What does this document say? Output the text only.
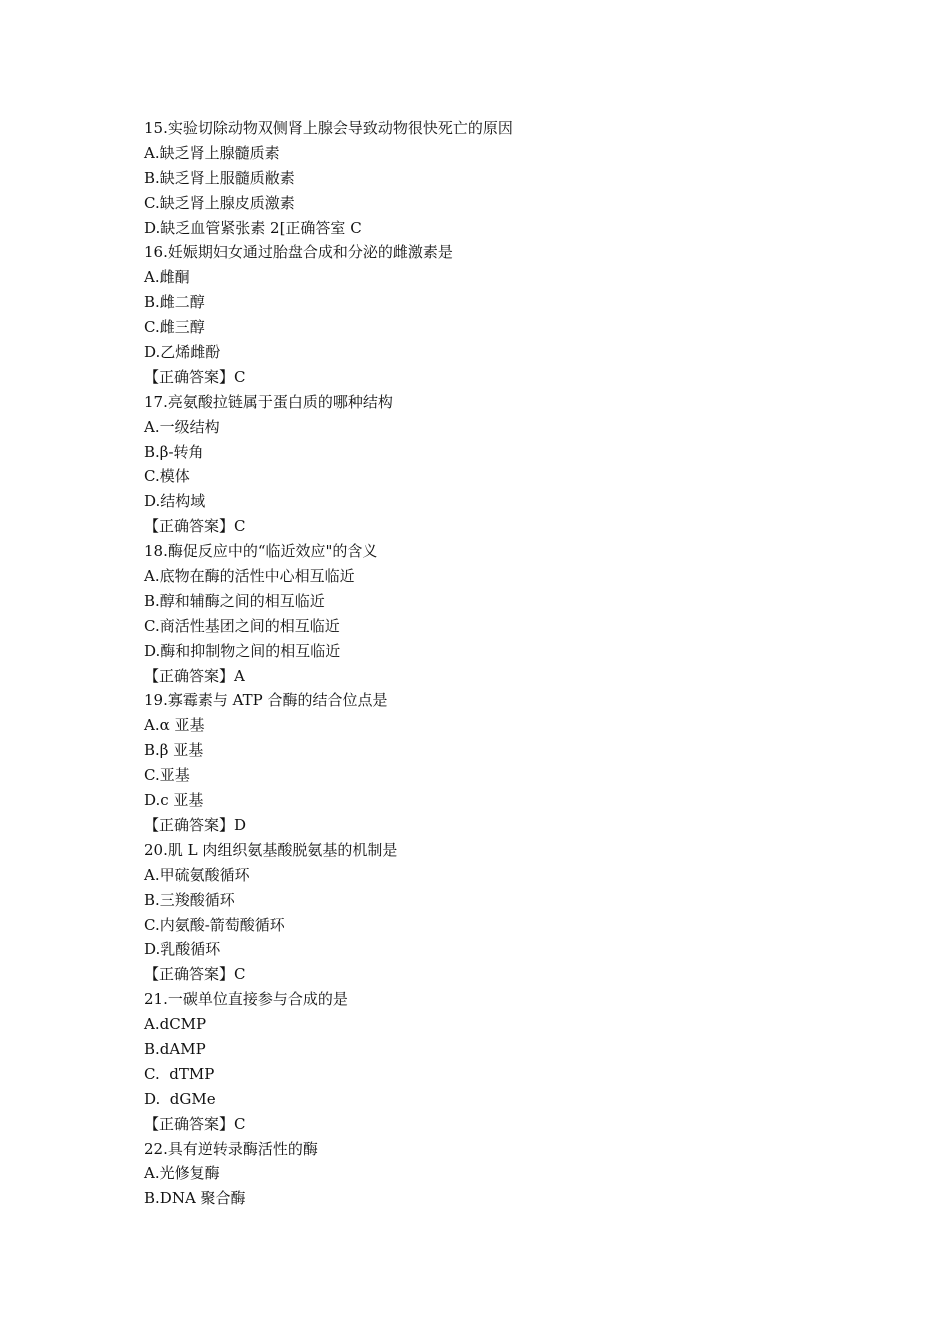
15.实验切除动物双侧肾上腺会导致动物很快死亡的原因
A.缺乏肾上腺髓质素
B.缺乏肾上服髓质敝素
C.缺乏肾上腺皮质激素
D.缺乏血管紧张素 2[正确答室 C
16.妊娠期妇女通过胎盘合成和分泌的雌激素是
A.雌酮
B.雌二醇
C.雌三醇
D.乙烯雌酚
【正确答案】C
17.亮氨酸拉链属于蛋白质的哪种结构
A.一级结构
B.β-转角
C.模体
D.结构域
【正确答案】C
18.酶促反应中的“临近效应"的含义
A.底物在酶的活性中心相互临近
B.醇和辅酶之间的相互临近
C.商活性基团之间的相互临近
D.酶和抑制物之间的相互临近
【正确答案】A
19.寡霉素与 ATP 合酶的结合位点是
A.α 亚基
B.β 亚基
C.亚基
D.c 亚基
【正确答案】D
20.肌 L 肉组织氨基酸脱氨基的机制是
A.甲硫氨酸循环
B.三羧酸循环
C.内氨酸-箭萄酸循环
D.乳酸循环
【正确答案】C
21.一碳单位直接参与合成的是
A.dCMP
B.dAMP
C.  dTMP
D.  dGMe
【正确答案】C
22.具有逆转录酶活性的酶
A.光修复酶
B.DNA 聚合酶
